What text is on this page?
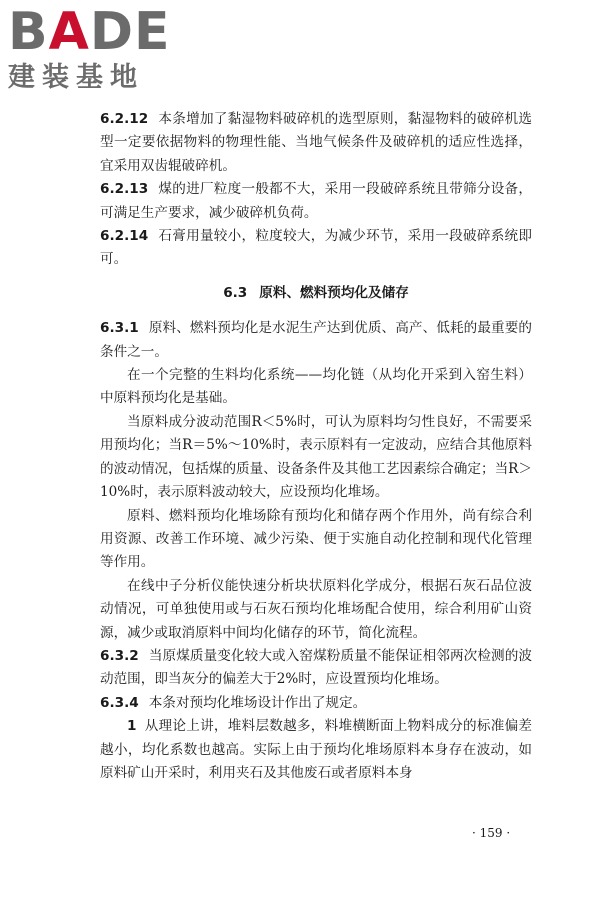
BADE
建装基地

6.2.12 本条增加了黏湿物料破碎机的选型原则，黏湿物料的破碎机选型一定要依据物料的物理性能、当地气候条件及破碎机的适应性选择，宜采用双齿辊破碎机。

6.2.13 煤的进厂粒度一般都不大，采用一段破碎系统且带筛分设备，可满足生产要求，减少破碎机负荷。

6.2.14 石膏用量较小，粒度较大，为减少环节，采用一段破碎系统即可。

6.3 原料、燃料预均化及储存

6.3.1 原料、燃料预均化是水泥生产达到优质、高产、低耗的最重要的条件之一。

在一个完整的生料均化系统——均化链（从均化开采到入窑生料）中原料预均化是基础。

当原料成分波动范围R＜5%时，可认为原料均匀性良好，不需要采用预均化；当R＝5%～10%时，表示原料有一定波动，应结合其他原料的波动情况，包括煤的质量、设备条件及其他工艺因素综合确定；当R＞10%时，表示原料波动较大，应设预均化堆场。

原料、燃料预均化堆场除有预均化和储存两个作用外，尚有综合利用资源、改善工作环境、减少污染、便于实施自动化控制和现代化管理等作用。

在线中子分析仪能快速分析块状原料化学成分，根据石灰石品位波动情况，可单独使用或与石灰石预均化堆场配合使用，综合利用矿山资源，减少或取消原料中间均化储存的环节，简化流程。

6.3.2 当原煤质量变化较大或入窑煤粉质量不能保证相邻两次检测的波动范围，即当灰分的偏差大于2%时，应设置预均化堆场。

6.3.4 本条对预均化堆场设计作出了规定。

1 从理论上讲，堆料层数越多，料堆横断面上物料成分的标准偏差越小，均化系数也越高。实际上由于预均化堆场原料本身存在波动，如原料矿山开采时，利用夹石及其他废石或者原料本身

· 159 ·
